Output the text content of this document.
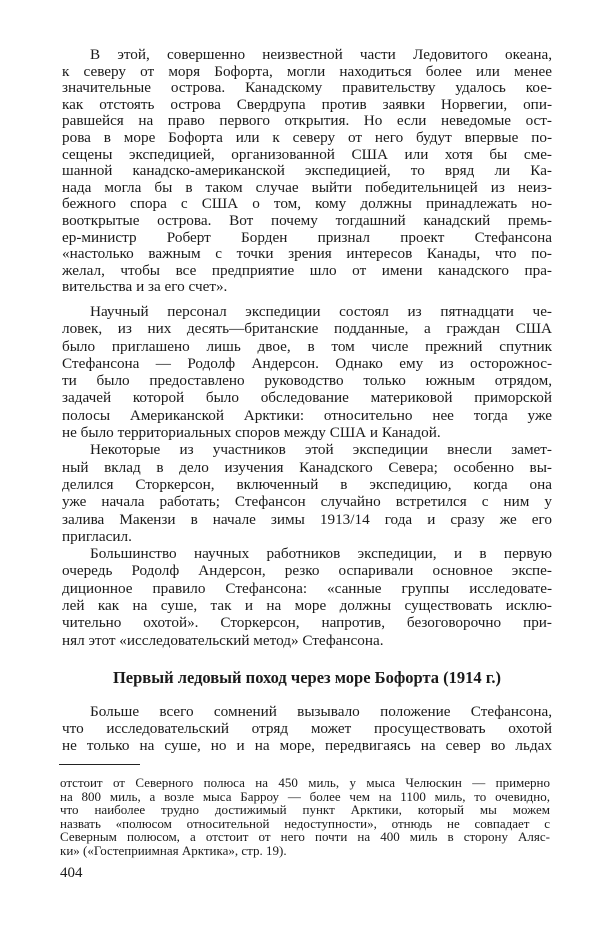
В этой, совершенно неизвестной части Ледовитого океана,
к северу от моря Бофорта, могли находиться более или менее
значительные острова. Канадскому правительству удалось кое-
как отстоять острова Свердрупа против заявки Норвегии, опи-
равшейся на право первого открытия. Но если неведомые ост-
рова в море Бофорта или к северу от него будут впервые по-
сещены экспедицией, организованной США или хотя бы сме-
шанной канадско-американской экспедицией, то вряд ли Ка-
нада могла бы в таком случае выйти победительницей из неиз-
бежного спора с США о том, кому должны принадлежать но-
вооткрытые острова. Вот почему тогдашний канадский премь-
ер-министр Роберт Борден признал проект Стефансона
«настолько важным с точки зрения интересов Канады, что по-
желал, чтобы все предприятие шло от имени канадского пра-
вительства и за его счет».
Научный персонал экспедиции состоял из пятнадцати че-
ловек, из них десять—британские подданные, а граждан США
было приглашено лишь двое, в том числе прежний спутник
Стефансона — Родолф Андерсон. Однако ему из осторожнос-
ти было предоставлено руководство только южным отрядом,
задачей которой было обследование материковой приморской
полосы Американской Арктики: относительно нее тогда уже
не было территориальных споров между США и Канадой.
Некоторые из участников этой экспедиции внесли замет-
ный вклад в дело изучения Канадского Севера; особенно вы-
делился Сторкерсон, включенный в экспедицию, когда она
уже начала работать; Стефансон случайно встретился с ним у
залива Макензи в начале зимы 1913/14 года и сразу же его
пригласил.
Большинство научных работников экспедиции, и в первую
очередь Родолф Андерсон, резко оспаривали основное экспе-
диционное правило Стефансона: «санные группы исследовате-
лей как на суше, так и на море должны существовать исклю-
чительно охотой». Сторкерсон, напротив, безоговорочно при-
нял этот «исследовательский метод» Стефансона.
Первый ледовый поход через море Бофорта (1914 г.)
Больше всего сомнений вызывало положение Стефансона,
что исследовательский отряд может просуществовать охотой
не только на суше, но и на море, передвигаясь на север во льдах
отстоит от Северного полюса на 450 миль, у мыса Челюскин — примерно
на 800 миль, а возле мыса Барроу — более чем на 1100 миль, то очевидно,
что наиболее трудно достижимый пункт Арктики, который мы можем
назвать «полюсом относительной недоступности», отнюдь не совпадает с
Северным полюсом, а отстоит от него почти на 400 миль в сторону Аляс-
ки» («Гостеприимная Арктика», стр. 19).
404
